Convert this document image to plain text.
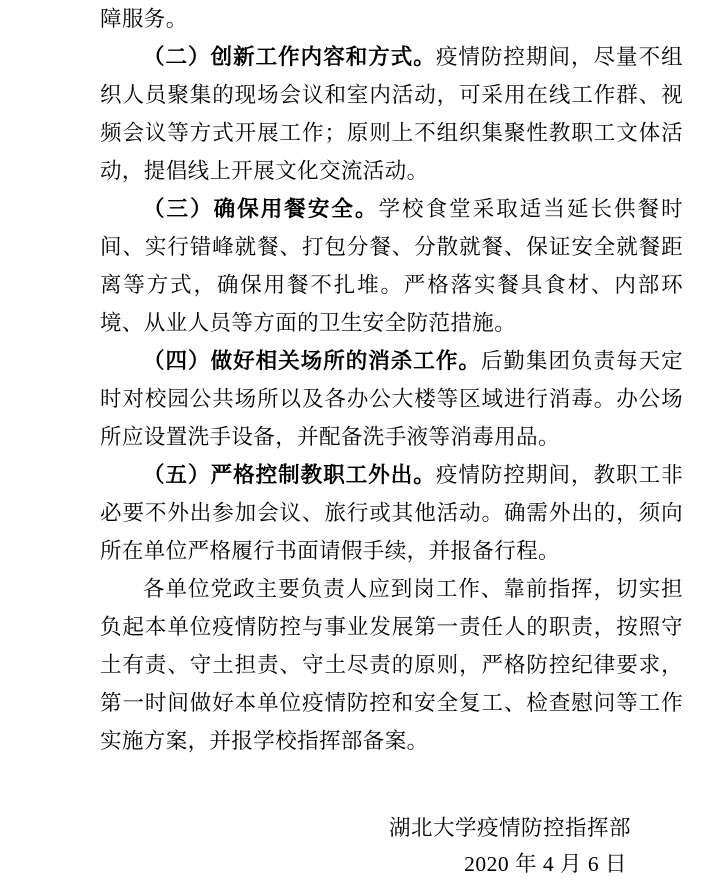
障服务。

（二）创新工作内容和方式。疫情防控期间，尽量不组织人员聚集的现场会议和室内活动，可采用在线工作群、视频会议等方式开展工作；原则上不组织集聚性教职工文体活动，提倡线上开展文化交流活动。

（三）确保用餐安全。学校食堂采取适当延长供餐时间、实行错峰就餐、打包分餐、分散就餐、保证安全就餐距离等方式，确保用餐不扎堆。严格落实餐具食材、内部环境、从业人员等方面的卫生安全防范措施。

（四）做好相关场所的消杀工作。后勤集团负责每天定时对校园公共场所以及各办公大楼等区域进行消毒。办公场所应设置洗手设备，并配备洗手液等消毒用品。

（五）严格控制教职工外出。疫情防控期间，教职工非必要不外出参加会议、旅行或其他活动。确需外出的，须向所在单位严格履行书面请假手续，并报备行程。

各单位党政主要负责人应到岗工作、靠前指挥，切实担负起本单位疫情防控与事业发展第一责任人的职责，按照守土有责、守土担责、守土尽责的原则，严格防控纪律要求，第一时间做好本单位疫情防控和安全复工、检查慰问等工作实施方案，并报学校指挥部备案。

湖北大学疫情防控指挥部
2020 年 4 月 6 日
